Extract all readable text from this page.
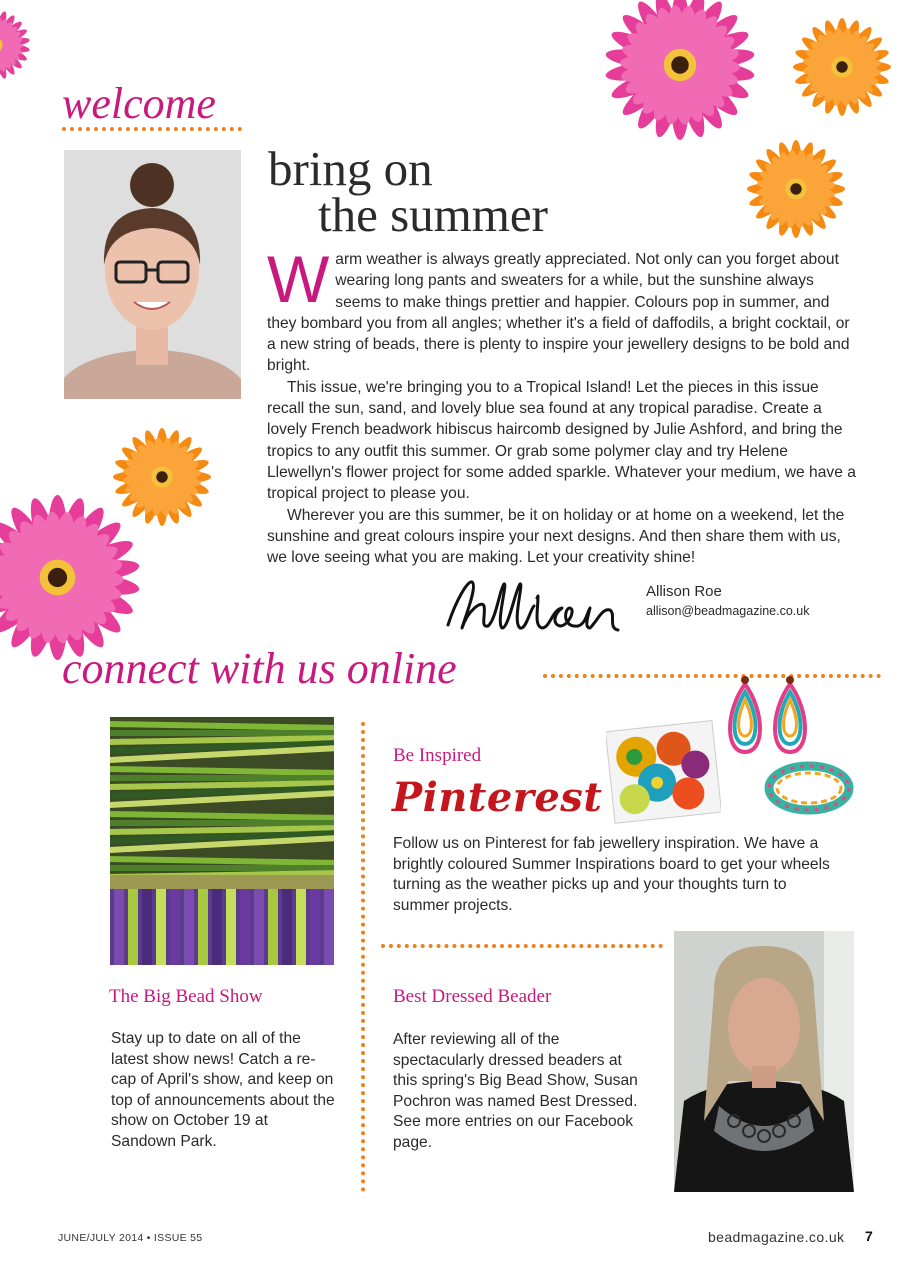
welcome
bring on
the summer

Warm weather is always greatly appreciated. Not only can you forget about wearing long pants and sweaters for a while, but the sunshine always seems to make things prettier and happier. Colours pop in summer, and they bombard you from all angles; whether it's a field of daffodils, a bright cocktail, or a new string of beads, there is plenty to inspire your jewellery designs to be bold and bright.

This issue, we're bringing you to a Tropical Island! Let the pieces in this issue recall the sun, sand, and lovely blue sea found at any tropical paradise. Create a lovely French beadwork hibiscus haircomb designed by Julie Ashford, and bring the tropics to any outfit this summer. Or grab some polymer clay and try Helene Llewellyn's flower project for some added sparkle. Whatever your medium, we have a tropical project to please you.

Wherever you are this summer, be it on holiday or at home on a weekend, let the sunshine and great colours inspire your next designs. And then share them with us, we love seeing what you are making. Let your creativity shine!

Allison Roe
allison@beadmagazine.co.uk
connect with us online
Be Inspired
Pinterest
Follow us on Pinterest for fab jewellery inspiration. We have a brightly coloured Summer Inspirations board to get your wheels turning as the weather picks up and your thoughts turn to summer projects.
The Big Bead Show
Stay up to date on all of the latest show news! Catch a re-cap of April's show, and keep on top of announcements about the show on October 19 at Sandown Park.
Best Dressed Beader
After reviewing all of the spectacularly dressed beaders at this spring's Big Bead Show, Susan Pochron was named Best Dressed. See more entries on our Facebook page.
JUNE/JULY 2014 • ISSUE 55	beadmagazine.co.uk 7
